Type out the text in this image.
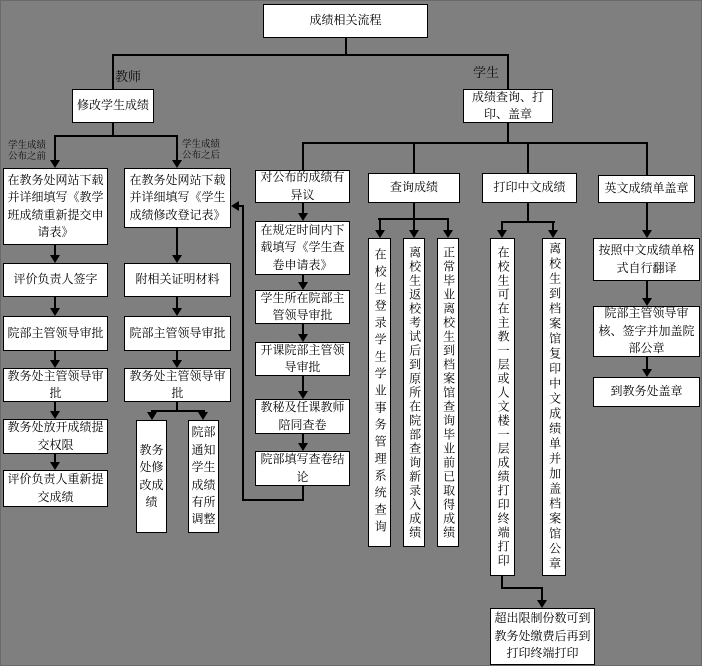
教师	学生
学生成绩公布之前
学生成绩公布之后
成绩相关流程
修改学生成绩
成绩查询、打印、盖章
在教务处网站下载并详细填写《教学班成绩重新提交申请表》
评价负责人签字
院部主管领导审批
教务处主管领导审批
教务处放开成绩提交权限
评价负责人重新提交成绩
在教务处网站下载并详细填写《学生成绩修改登记表》
附相关证明材料
院部主管领导审批
教务处主管领导审批
教务处修改成绩
院部通知学生成绩有所调整
对公布的成绩有异议
在规定时间内下载填写《学生查卷申请表》
学生所在院部主管领导审批
开课院部主管领导审批
教秘及任课教师陪同查卷
院部填写查卷结论
查询成绩
在校生登录学生学业事务管理系统查询 离校生返校考试后到原所在院部查询新录入成绩 正常毕业离校生到档案馆查询毕业前已取得成绩
打印中文成绩
在校生可在主教一层或人文楼一层成绩打印终端打印	离校生到档案馆复印中文成绩单并加盖档案馆公章
超出限制份数可到教务处缴费后再到打印终端打印
英文成绩单盖章
按照中文成绩单格式自行翻译
院部主管领导审核、签字并加盖院部公章
到教务处盖章
